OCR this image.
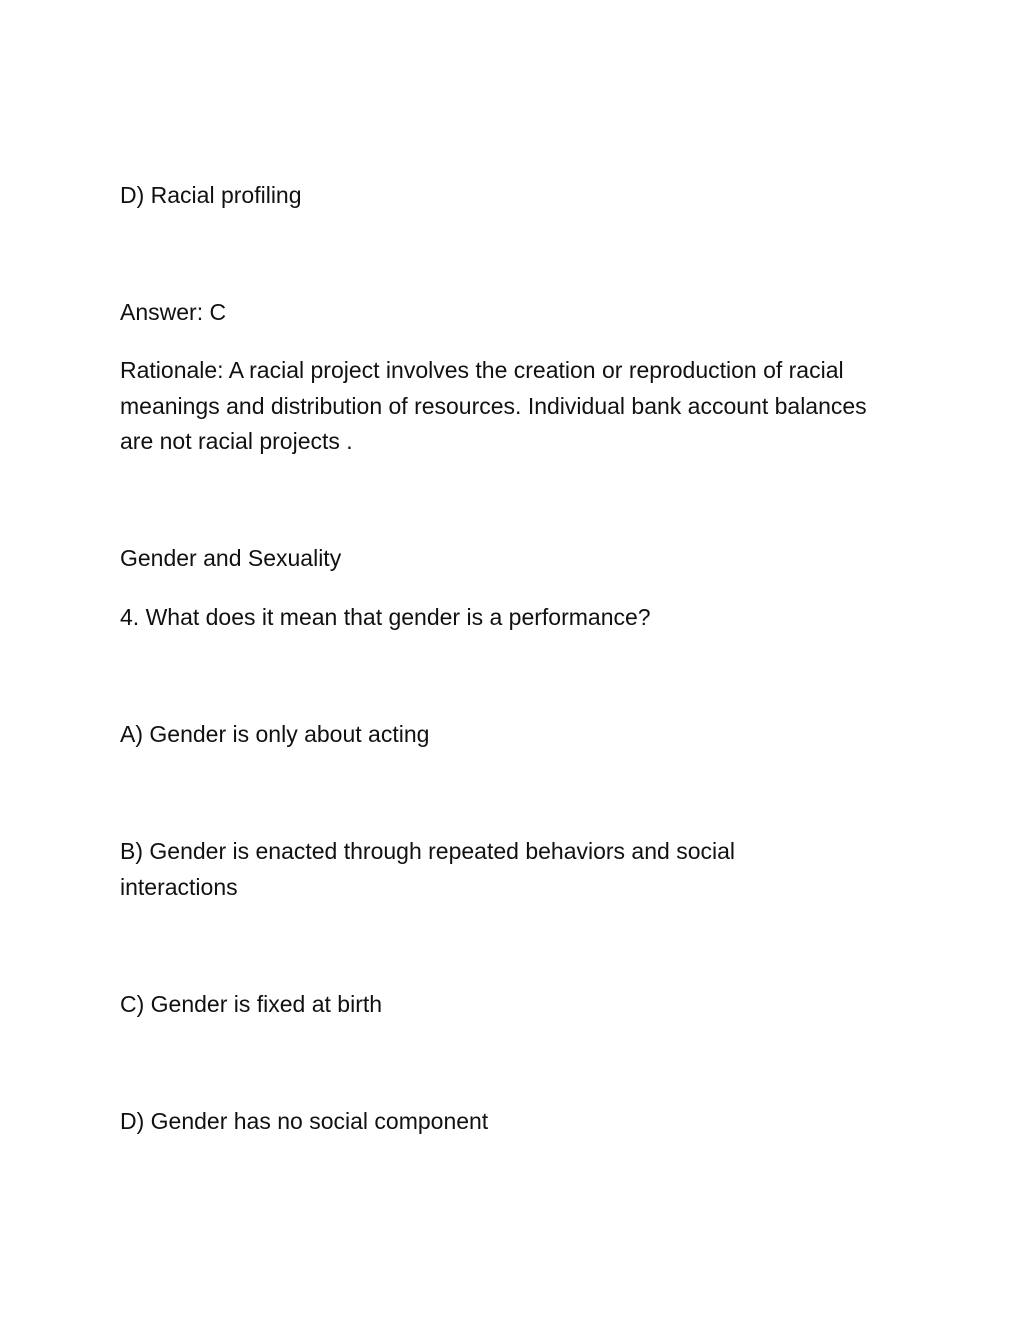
D) Racial profiling
Answer: C
Rationale: A racial project involves the creation or reproduction of racial meanings and distribution of resources. Individual bank account balances are not racial projects .
Gender and Sexuality
4. What does it mean that gender is a performance?
A) Gender is only about acting
B) Gender is enacted through repeated behaviors and social interactions
C) Gender is fixed at birth
D) Gender has no social component
